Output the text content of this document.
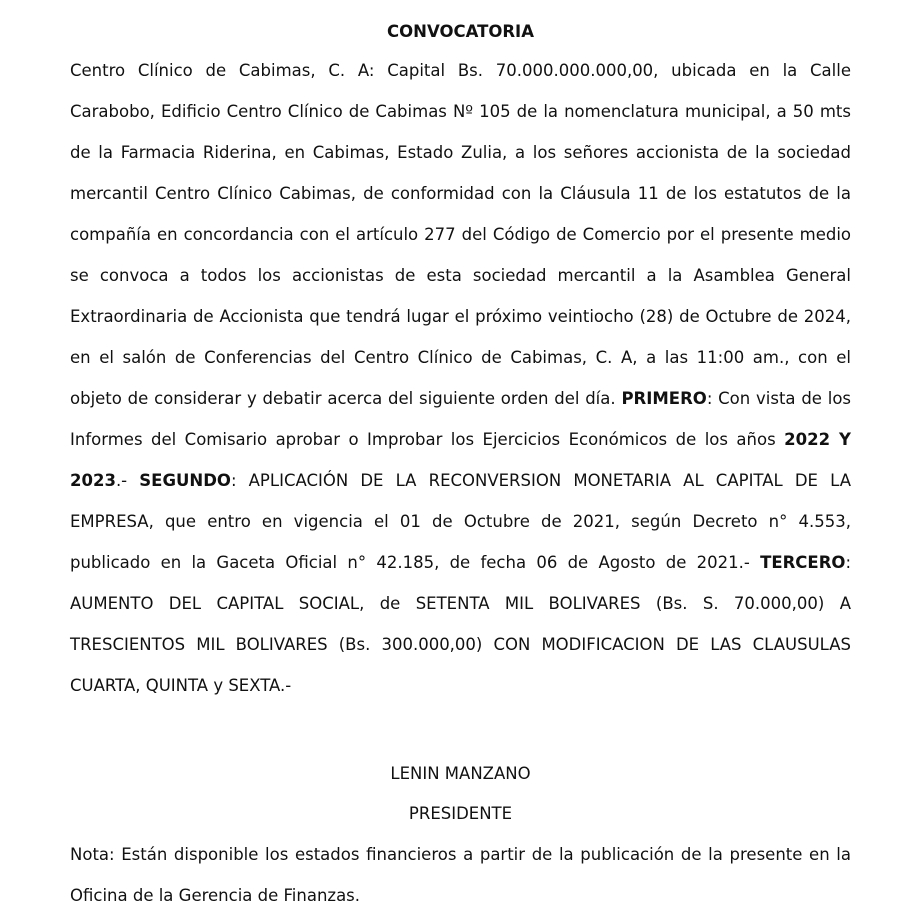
CONVOCATORIA

Centro Clínico de Cabimas, C. A: Capital Bs. 70.000.000.000,00, ubicada en la Calle Carabobo, Edificio Centro Clínico de Cabimas Nº 105 de la nomenclatura municipal, a 50 mts de la Farmacia Riderina, en Cabimas, Estado Zulia, a los señores accionista de la sociedad mercantil Centro Clínico Cabimas, de conformidad con la Cláusula 11 de los estatutos de la compañía en concordancia con el artículo 277 del Código de Comercio por el presente medio se convoca a todos los accionistas de esta sociedad mercantil a la Asamblea General Extraordinaria de Accionista que tendrá lugar el próximo veintiocho (28) de Octubre de 2024, en el salón de Conferencias del Centro Clínico de Cabimas, C. A, a las 11:00 am., con el objeto de considerar y debatir acerca del siguiente orden del día. PRIMERO: Con vista de los Informes del Comisario aprobar o Improbar los Ejercicios Económicos de los años 2022 Y 2023.- SEGUNDO: APLICACIÓN DE LA RECONVERSION MONETARIA AL CAPITAL DE LA EMPRESA, que entro en vigencia el 01 de Octubre de 2021, según Decreto n° 4.553, publicado en la Gaceta Oficial n° 42.185, de fecha 06 de Agosto de 2021.- TERCERO: AUMENTO DEL CAPITAL SOCIAL, de SETENTA MIL BOLIVARES (Bs. S. 70.000,00) A TRESCIENTOS MIL BOLIVARES (Bs. 300.000,00) CON MODIFICACION DE LAS CLAUSULAS CUARTA, QUINTA y SEXTA.-

LENIN MANZANO
PRESIDENTE

Nota: Están disponible los estados financieros a partir de la publicación de la presente en la Oficina de la Gerencia de Finanzas.
